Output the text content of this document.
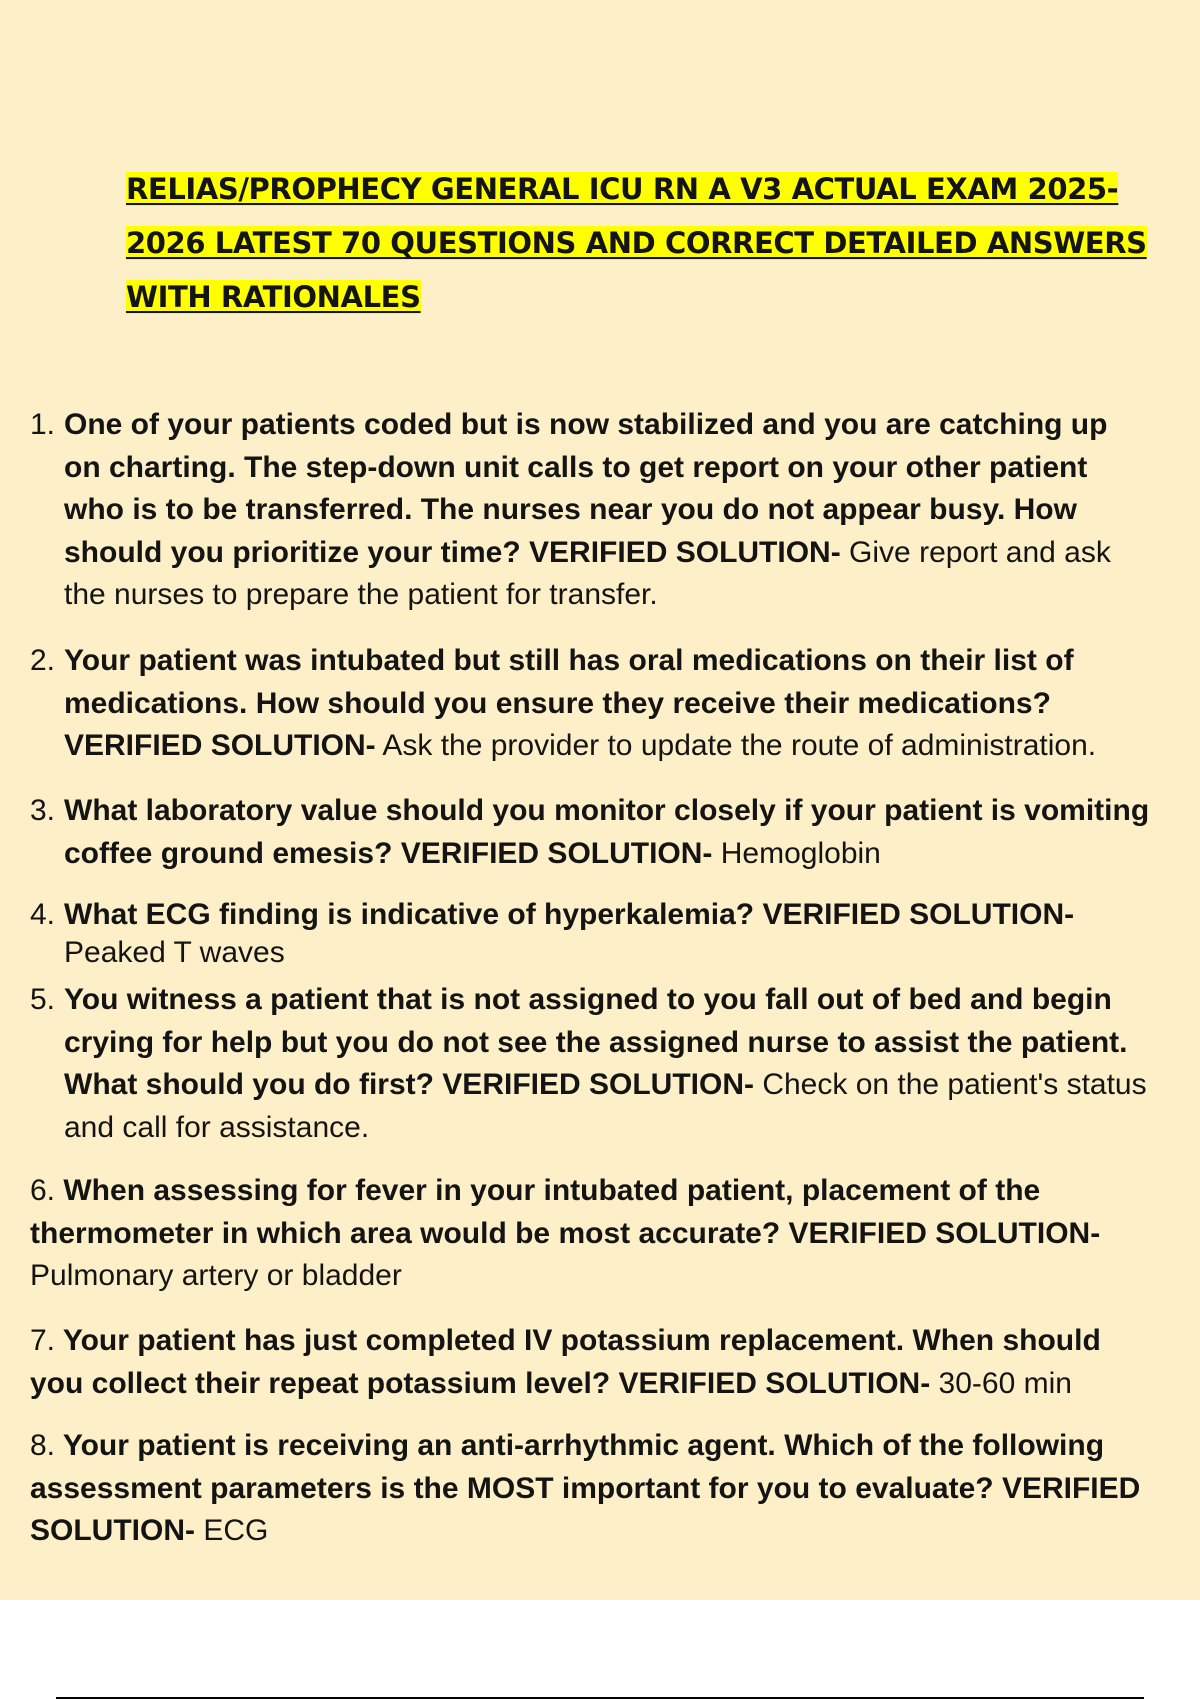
RELIAS/PROPHECY GENERAL ICU RN A V3 ACTUAL EXAM 2025-
2026 LATEST 70 QUESTIONS AND CORRECT DETAILED ANSWERS
WITH RATIONALES
1. One of your patients coded but is now stabilized and you are catching up
on charting. The step-down unit calls to get report on your other patient
who is to be transferred. The nurses near you do not appear busy. How
should you prioritize your time? VERIFIED SOLUTION- Give report and ask
the nurses to prepare the patient for transfer.
2. Your patient was intubated but still has oral medications on their list of
medications. How should you ensure they receive their medications?
VERIFIED SOLUTION- Ask the provider to update the route of administration.
3. What laboratory value should you monitor closely if your patient is vomiting
coffee ground emesis? VERIFIED SOLUTION- Hemoglobin
4. What ECG finding is indicative of hyperkalemia? VERIFIED SOLUTION-
Peaked T waves
5. You witness a patient that is not assigned to you fall out of bed and begin
crying for help but you do not see the assigned nurse to assist the patient.
What should you do first? VERIFIED SOLUTION- Check on the patient's status
and call for assistance.
6. When assessing for fever in your intubated patient, placement of the
thermometer in which area would be most accurate? VERIFIED SOLUTION-
Pulmonary artery or bladder
7. Your patient has just completed IV potassium replacement. When should
you collect their repeat potassium level? VERIFIED SOLUTION- 30-60 min
8. Your patient is receiving an anti-arrhythmic agent. Which of the following
assessment parameters is the MOST important for you to evaluate? VERIFIED
SOLUTION- ECG
